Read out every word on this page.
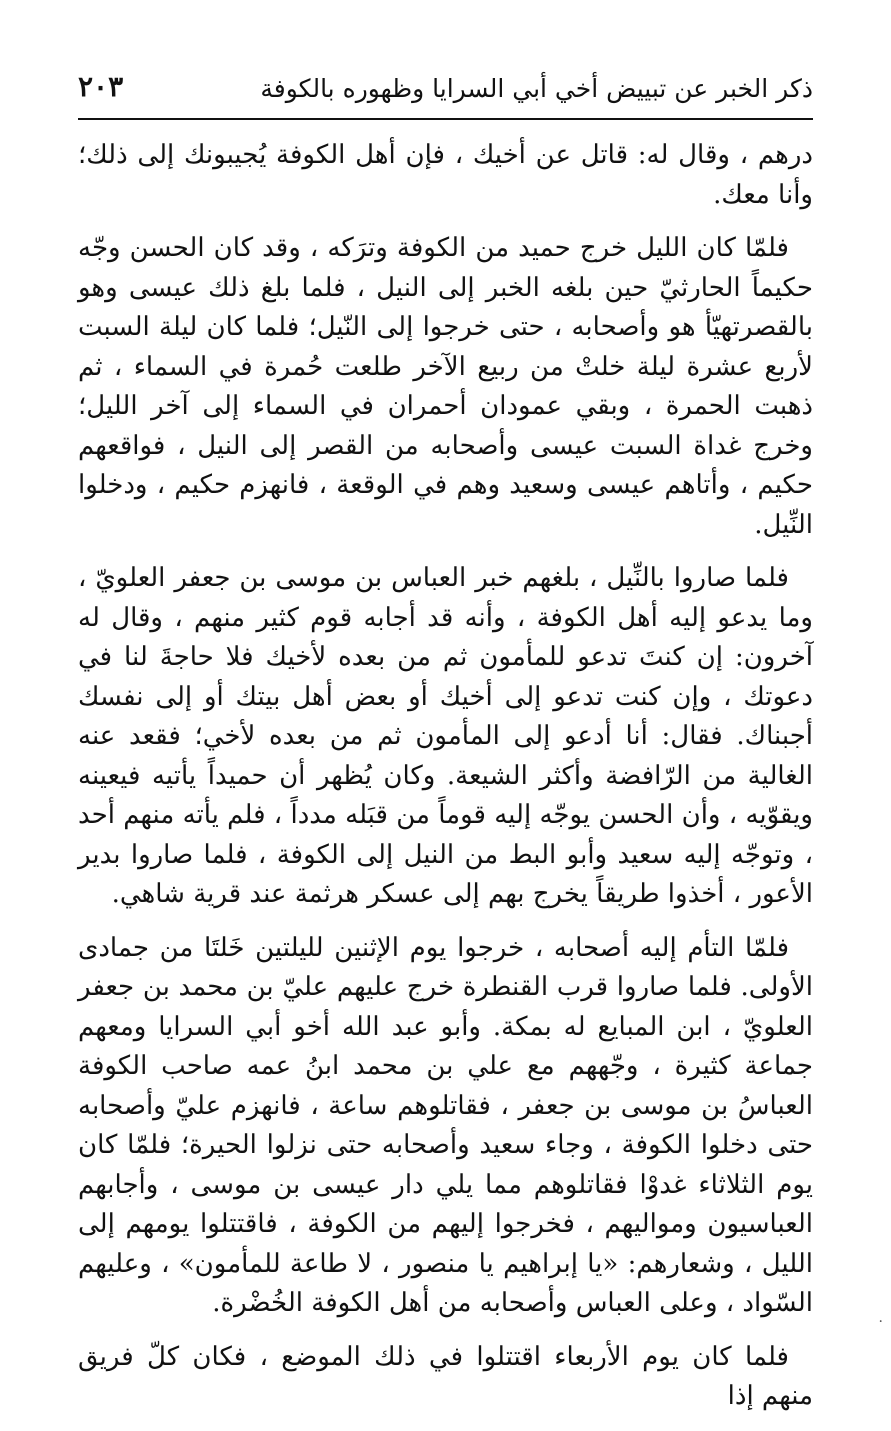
ذكر الخبر عن تبييض أخي أبي السرايا وظهوره بالكوفة
٢٠٣

درهم ، وقال له: قاتل عن أخيك ، فإن أهل الكوفة يُجيبونك إلى ذلك؛ وأنا معك.

فلمّا كان الليل خرج حميد من الكوفة وترَكه ، وقد كان الحسن وجّه حكيماً الحارثيّ حين بلغه الخبر إلى النيل ، فلما بلغ ذلك عيسى وهو بالقصرتهيّأ هو وأصحابه ، حتى خرجوا إلى النّيل؛ فلما كان ليلة السبت لأربع عشرة ليلة خلتْ من ربيع الآخر طلعت حُمرة في السماء ، ثم ذهبت الحمرة ، وبقي عمودان أحمران في السماء إلى آخر الليل؛ وخرج غداة السبت عيسى وأصحابه من القصر إلى النيل ، فواقعهم حكيم ، وأتاهم عيسى وسعيد وهم في الوقعة ، فانهزم حكيم ، ودخلوا النِّيل.

فلما صاروا بالنِّيل ، بلغهم خبر العباس بن موسى بن جعفر العلويّ ، وما يدعو إليه أهل الكوفة ، وأنه قد أجابه قوم كثير منهم ، وقال له آخرون: إن كنتَ تدعو للمأمون ثم من بعده لأخيك فلا حاجةَ لنا في دعوتك ، وإن كنت تدعو إلى أخيك أو بعض أهل بيتك أو إلى نفسك أجبناك. فقال: أنا أدعو إلى المأمون ثم من بعده لأخي؛ فقعد عنه الغالية من الرّافضة وأكثر الشيعة. وكان يُظهر أن حميداً يأتيه فيعينه ويقوّيه ، وأن الحسن يوجّه إليه قوماً من قبَله مدداً ، فلم يأته منهم أحد ، وتوجّه إليه سعيد وأبو البط من النيل إلى الكوفة ، فلما صاروا بدير الأعور ، أخذوا طريقاً يخرج بهم إلى عسكر هرثمة عند قرية شاهي.

فلمّا التأم إليه أصحابه ، خرجوا يوم الإثنين لليلتين خَلتَا من جمادى الأولى. فلما صاروا قرب القنطرة خرج عليهم عليّ بن محمد بن جعفر العلويّ ، ابن المبايع له بمكة. وأبو عبد الله أخو أبي السرايا ومعهم جماعة كثيرة ، وجّههم مع علي بن محمد ابنُ عمه صاحب الكوفة العباسُ بن موسى بن جعفر ، فقاتلوهم ساعة ، فانهزم عليّ وأصحابه حتى دخلوا الكوفة ، وجاء سعيد وأصحابه حتى نزلوا الحيرة؛ فلمّا كان يوم الثلاثاء غدوْا فقاتلوهم مما يلي دار عيسى بن موسى ، وأجابهم العباسيون ومواليهم ، فخرجوا إليهم من الكوفة ، فاقتتلوا يومهم إلى الليل ، وشعارهم: «يا إبراهيم يا منصور ، لا طاعة للمأمون» ، وعليهم السّواد ، وعلى العباس وأصحابه من أهل الكوفة الخُضْرة.

فلما كان يوم الأربعاء اقتتلوا في ذلك الموضع ، فكان كلّ فريق منهم إذا

·
